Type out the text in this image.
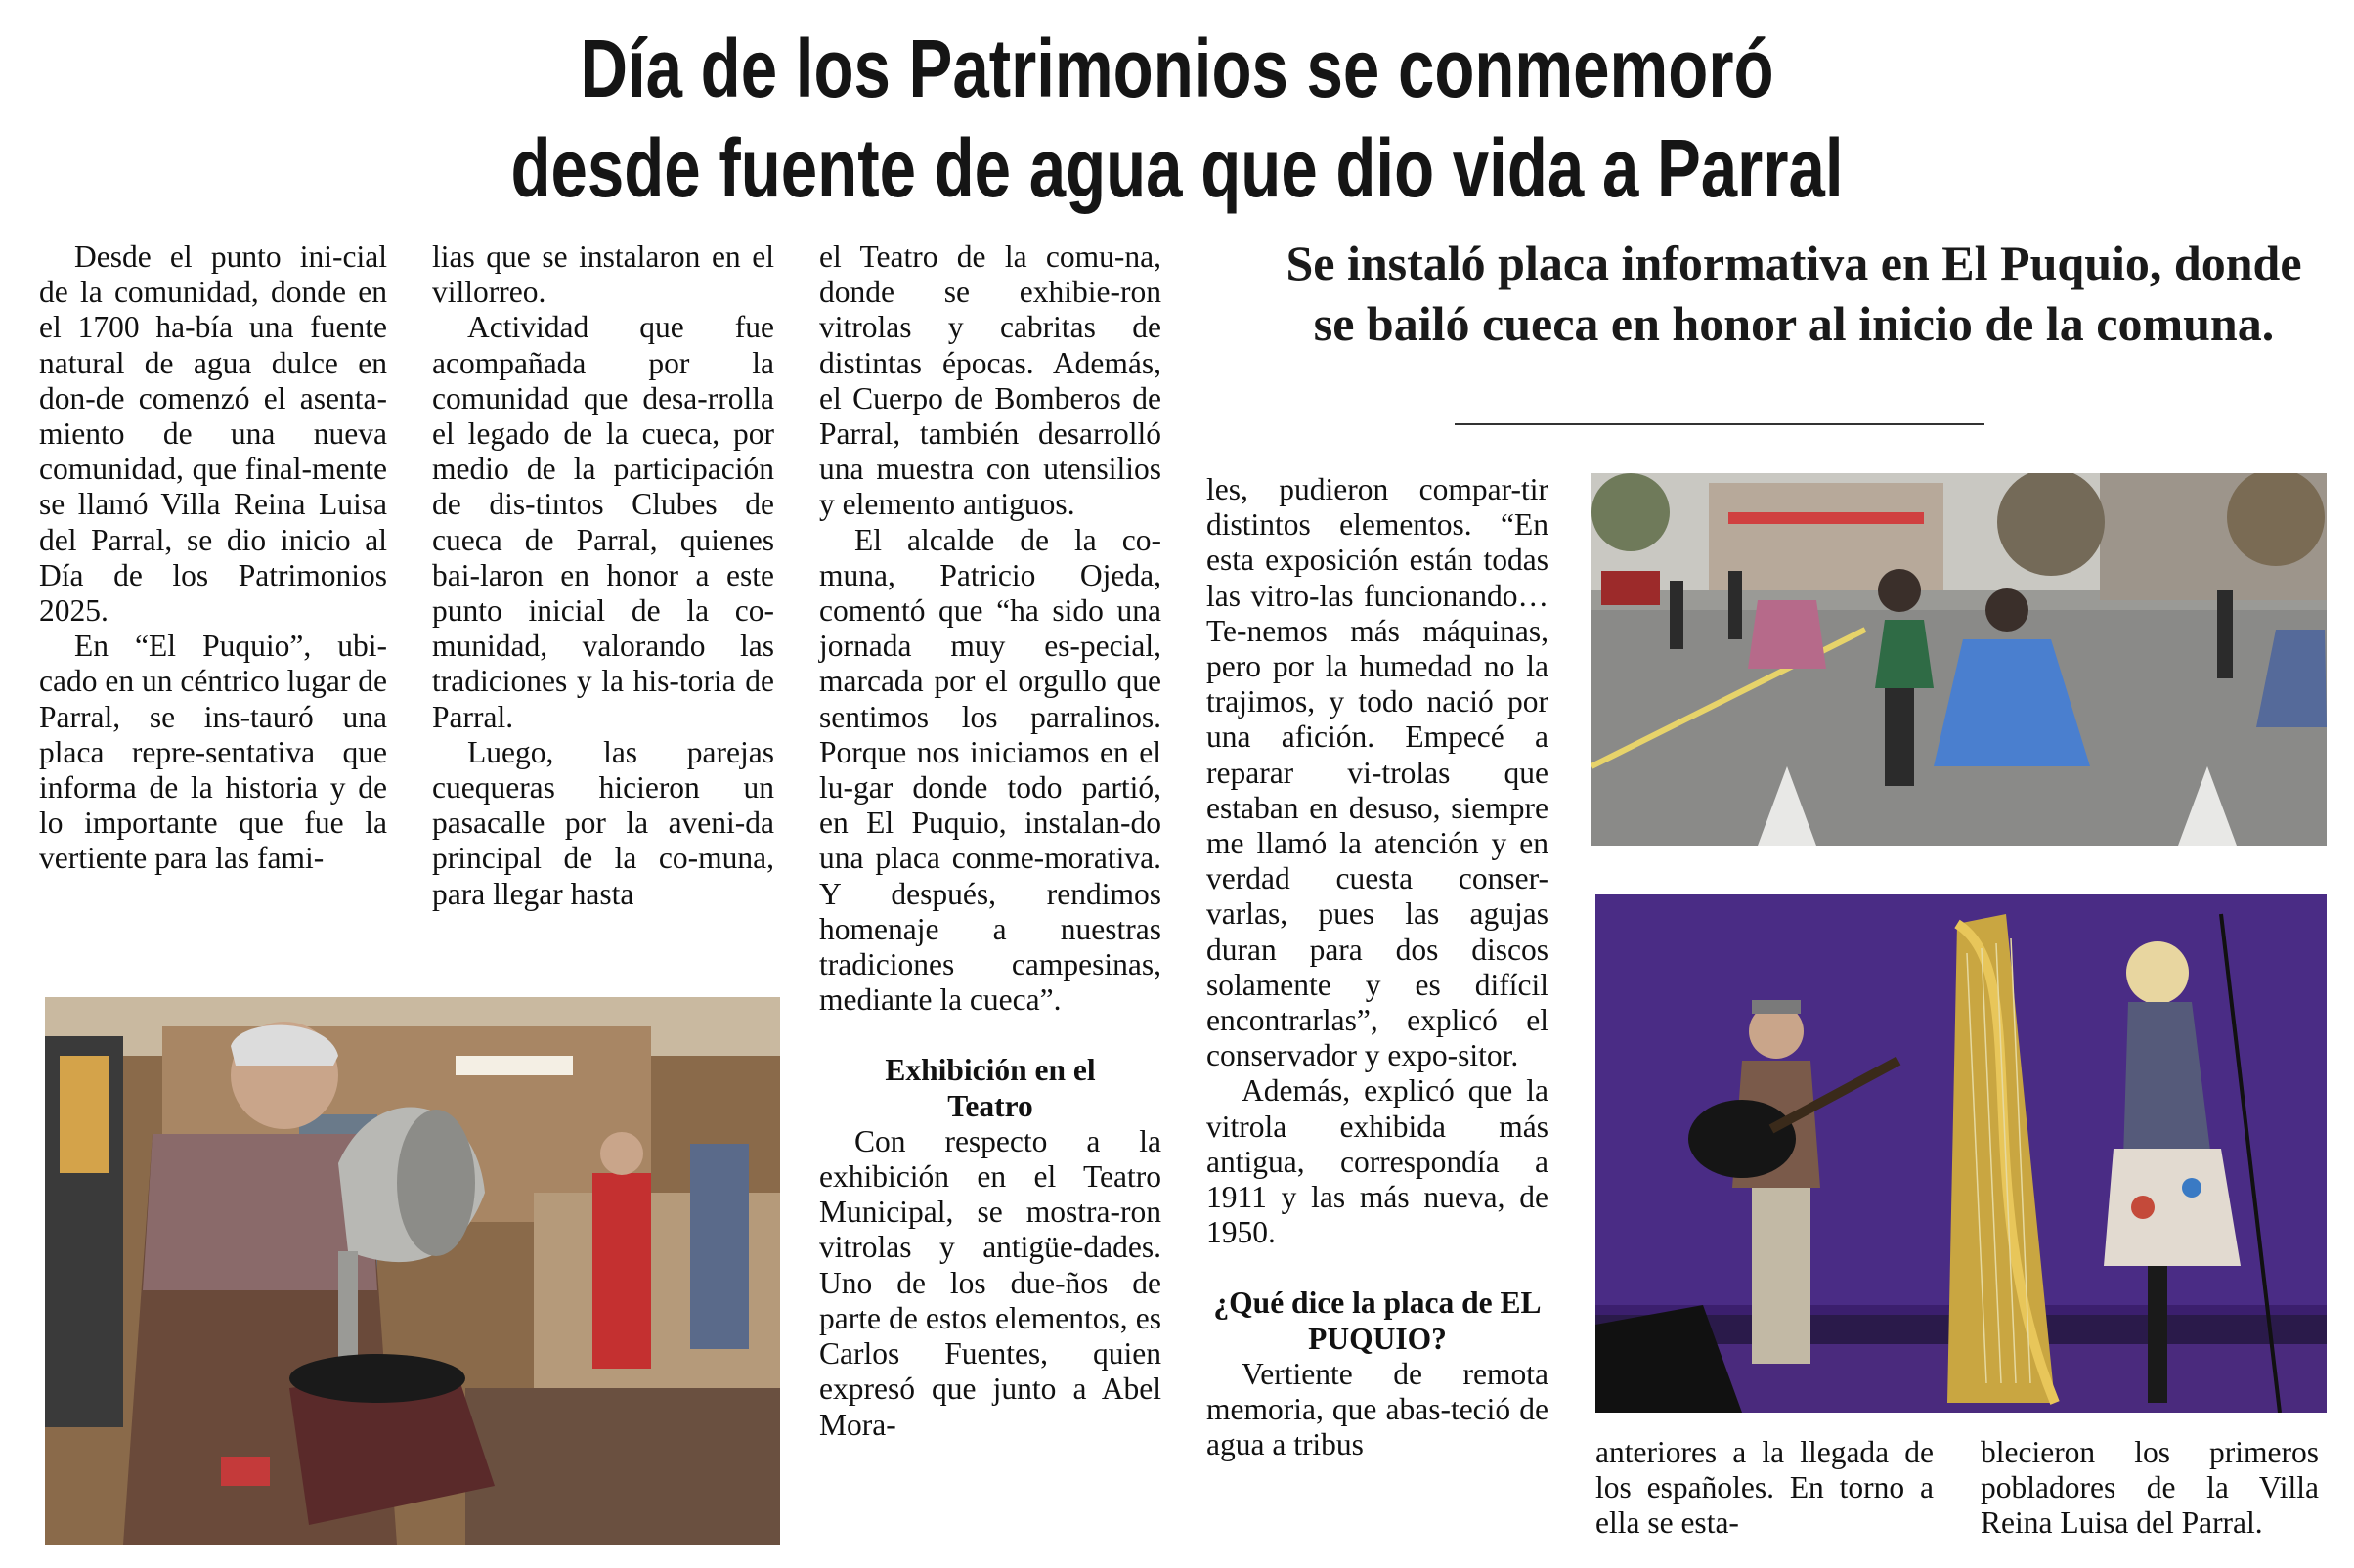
Día de los Patrimonios se conmemoró
desde fuente de agua que dio vida a Parral
Se instaló placa informativa en El Puquio, donde se bailó cueca en honor al inicio de la comuna.

Desde el punto ini-cial de la comunidad, donde en el 1700 ha-bía una fuente natural de agua dulce en don-de comenzó el asenta-miento de una nueva comunidad, que final-mente se llamó Villa Reina Luisa del Parral, se dio inicio al Día de los Patrimonios 2025.

En “El Puquio”, ubi-cado en un céntrico lugar de Parral, se ins-tauró una placa repre-sentativa que informa de la historia y de lo importante que fue la vertiente para las fami-

lias que se instalaron en el villorreo.

Actividad que fue acompañada por la comunidad que desa-rrolla el legado de la cueca, por medio de la participación de dis-tintos Clubes de cueca de Parral, quienes bai-laron en honor a este punto inicial de la co-munidad, valorando las tradiciones y la his-toria de Parral.

Luego, las parejas cuequeras hicieron un pasacalle por la aveni-da principal de la co-muna, para llegar hasta

el Teatro de la comu-na, donde se exhibie-ron vitrolas y cabritas de distintas épocas. Además, el Cuerpo de Bomberos de Parral, también desarrolló una muestra con utensilios y elemento antiguos.

El alcalde de la co-muna, Patricio Ojeda, comentó que “ha sido una jornada muy es-pecial, marcada por el orgullo que sentimos los parralinos. Porque nos iniciamos en el lu-gar donde todo partió, en El Puquio, instalan-do una placa conme-morativa. Y después, rendimos homenaje a nuestras tradiciones campesinas, mediante la cueca”.

Exhibición en el Teatro

Con respecto a la exhibición en el Teatro Municipal, se mostra-ron vitrolas y antigüe-dades. Uno de los due-ños de parte de estos elementos, es Carlos Fuentes, quien expresó que junto a Abel Mora-

les, pudieron compar-tir distintos elementos. “En esta exposición están todas las vitro-las funcionando… Te-nemos más máquinas, pero por la humedad no la trajimos, y todo nació por una afición. Empecé a reparar vi-trolas que estaban en desuso, siempre me llamó la atención y en verdad cuesta conser-varlas, pues las agujas duran para dos discos solamente y es difícil encontrarlas”, explicó el conservador y expo-sitor.

Además, explicó que la vitrola exhibida más antigua, correspondía a 1911 y las más nueva, de 1950.

¿Qué dice la placa de EL PUQUIO?

Vertiente de remota memoria, que abas-teció de agua a tribus	anteriores a la llegada de los españoles. En torno a ella se esta-

blecieron los primeros pobladores de la Villa Reina Luisa del Parral.
